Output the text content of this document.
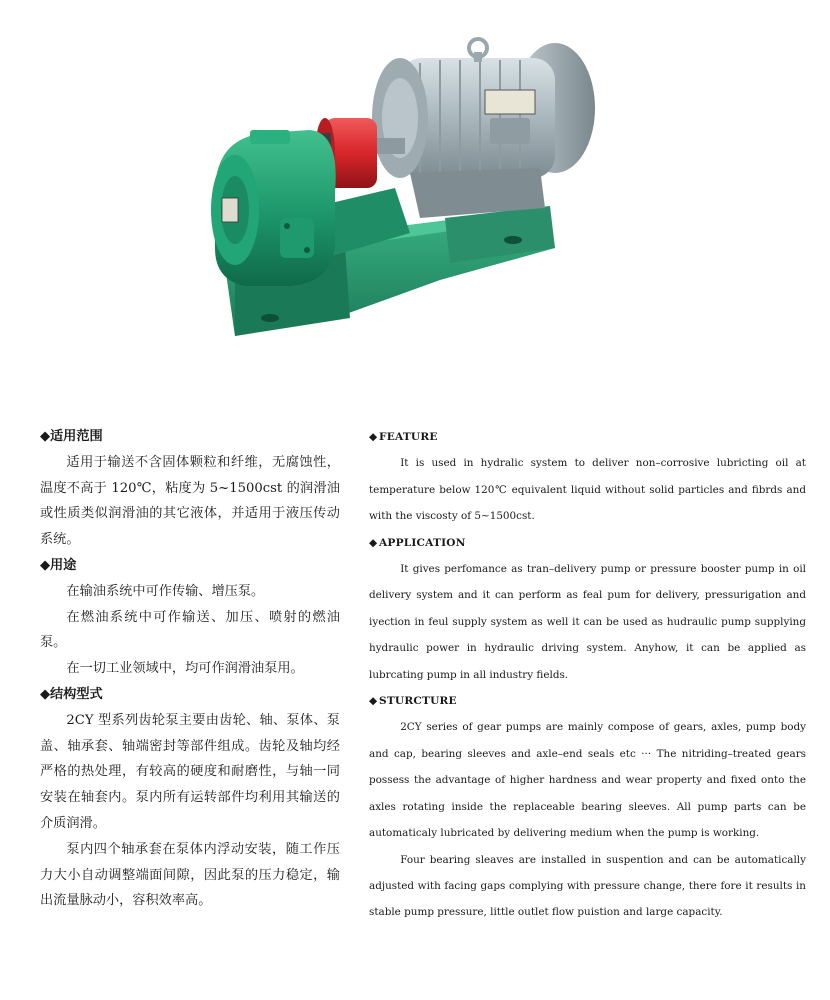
◆适用范围

适用于输送不含固体颗粒和纤维，无腐蚀性，温度不高于 120℃，粘度为 5~1500cst 的润滑油或性质类似润滑油的其它液体，并适用于液压传动系统。

◆用途

在输油系统中可作传输、增压泵。

在燃油系统中可作输送、加压、喷射的燃油泵。

在一切工业领域中，均可作润滑油泵用。

◆结构型式

2CY 型系列齿轮泵主要由齿轮、轴、泵体、泵盖、轴承套、轴端密封等部件组成。齿轮及轴均经严格的热处理，有较高的硬度和耐磨性，与轴一同安装在轴套内。泵内所有运转部件均利用其输送的介质润滑。

泵内四个轴承套在泵体内浮动安装，随工作压力大小自动调整端面间隙，因此泵的压力稳定，输出流量脉动小，容积效率高。

◆ FEATURE

It is used in hydralic system to deliver non–corrosive lubricting oil at temperature below 120℃ equivalent liquid without solid particles and fibrds and with the viscosty of 5~1500cst.

◆ APPLICATION

It gives perfomance as tran–delivery pump or pressure booster pump in oil delivery system and it can perform as feal pum for delivery, pressurigation and iyection in feul supply system as well it can be used as hudraulic pump supplying hydraulic power in hydraulic driving system. Anyhow, it can be applied as lubrcating pump in all industry fields.

◆ STURCTURE

2CY series of gear pumps are mainly compose of gears, axles, pump body and cap, bearing sleeves and axle–end seals etc ··· The nitriding–treated gears possess the advantage of higher hardness and wear property and fixed onto the axles rotating inside the replaceable bearing sleeves. All pump parts can be automaticaly lubricated by delivering medium when the pump is working.

Four bearing sleaves are installed in suspention and can be automatically adjusted with facing gaps complying with pressure change, there fore it results in stable pump pressure, little outlet flow puistion and large capacity.
